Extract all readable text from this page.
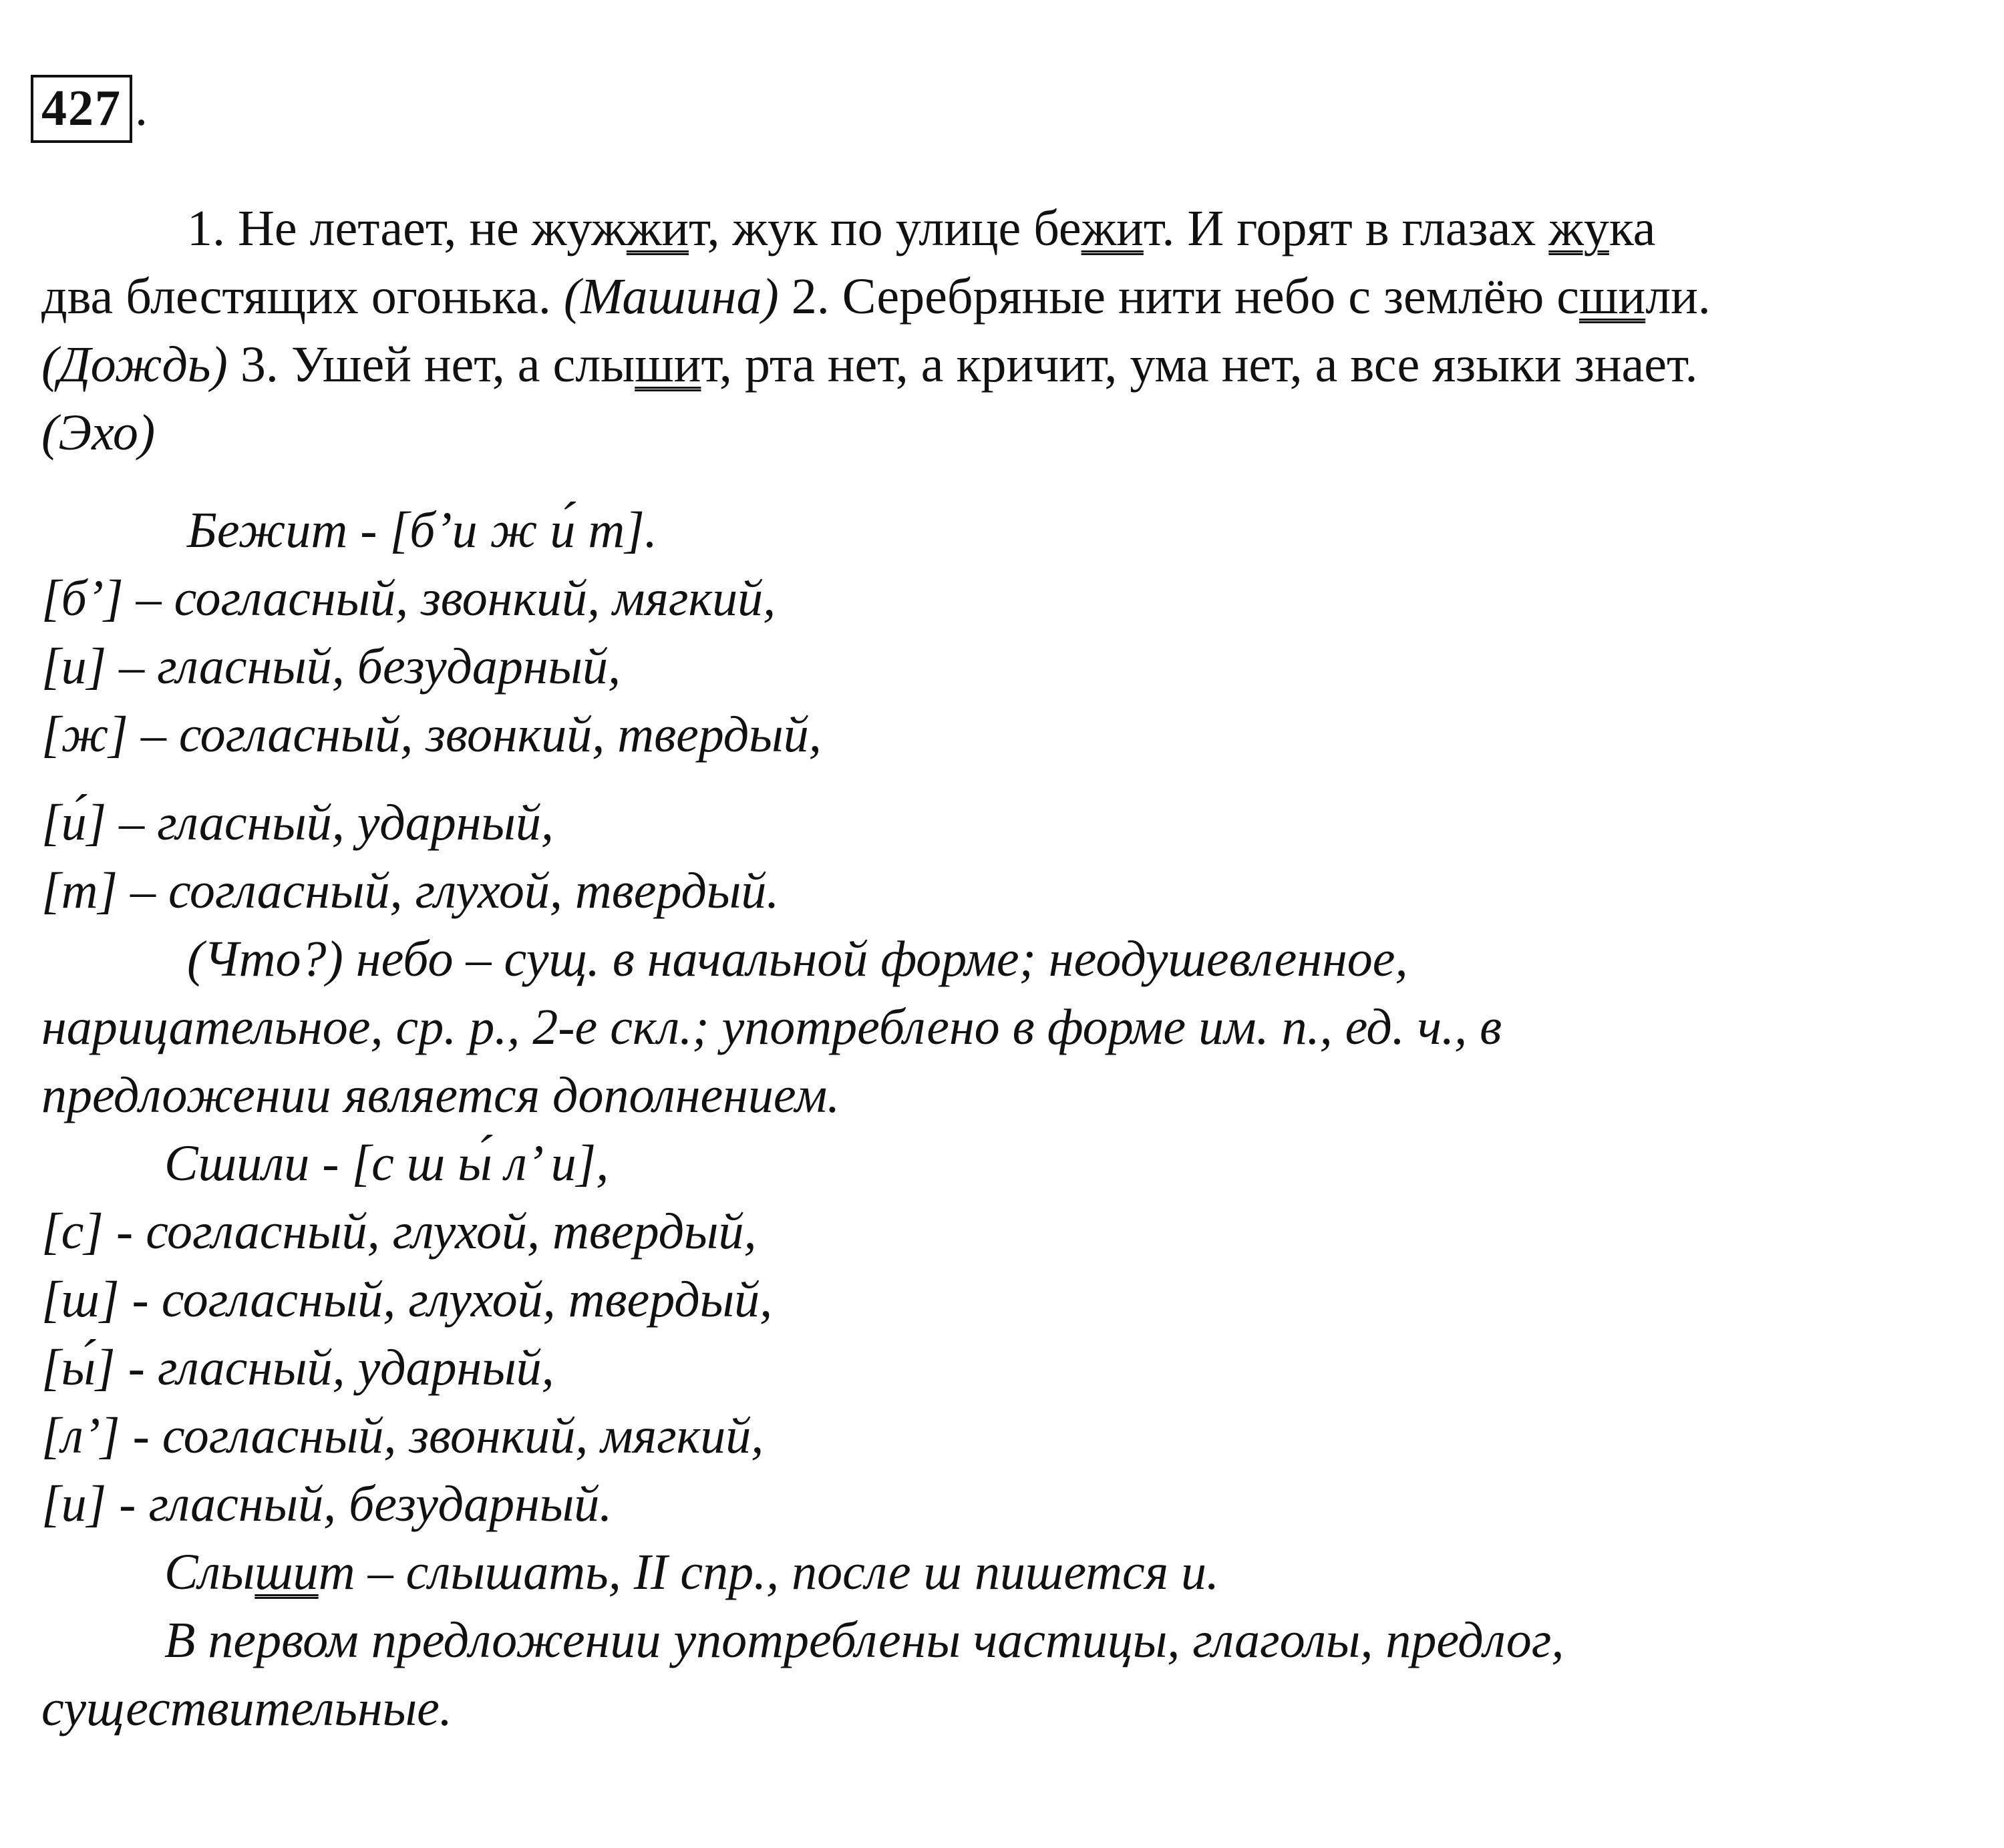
427 .
1. Не летает, не жужжит, жук по улице бежит. И горят в глазах жука
два блестящих огонька. (Машина) 2. Серебряные нити небо с землёю сшили.
(Дождь) 3. Ушей нет, а слышит, рта нет, а кричит, ума нет, а все языки знает.
(Эхо)
Бежит - [б’и ж и́ т].
[б’] – согласный, звонкий, мягкий,
[и] – гласный, безударный,
[ж] – согласный, звонкий, твердый,
[и́] – гласный, ударный,
[т] – согласный, глухой, твердый.
(Что?) небо – сущ. в начальной форме; неодушевленное,
нарицательное, ср. р., 2-е скл.; употреблено в форме им. п., ед. ч., в
предложении является дополнением.
Сшили - [с ш ы́ л’ и],
[с] - согласный, глухой, твердый,
[ш] - согласный, глухой, твердый,
[ы́] - гласный, ударный,
[л’] - согласный, звонкий, мягкий,
[и] - гласный, безударный.
Слышит – слышать, II спр., после ш пишется и.
В первом предложении употреблены частицы, глаголы, предлог,
существительные.
